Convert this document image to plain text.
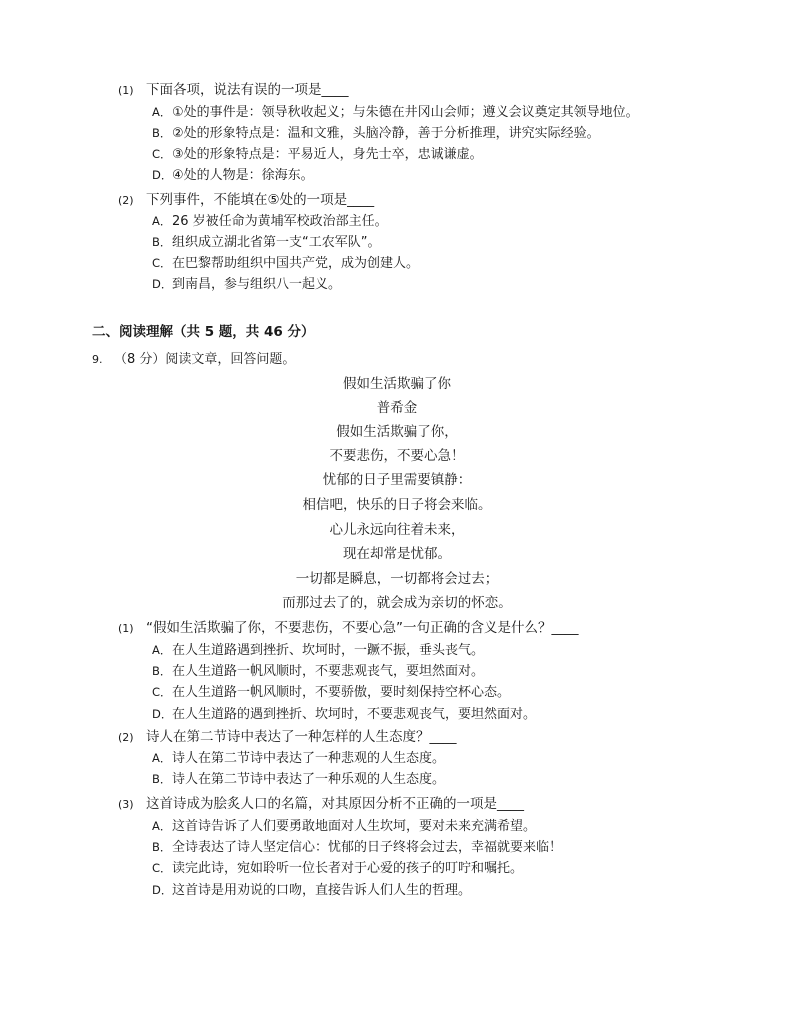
(1) 下面各项，说法有误的一项是____
A．①处的事件是：领导秋收起义；与朱德在井冈山会师；遵义会议奠定其领导地位。
B．②处的形象特点是：温和文雅，头脑冷静，善于分析推理，讲究实际经验。
C．③处的形象特点是：平易近人，身先士卒，忠诚谦虚。
D．④处的人物是：徐海东。
(2) 下列事件，不能填在⑤处的一项是____
A．26 岁被任命为黄埔军校政治部主任。
B．组织成立湖北省第一支“工农军队”。
C．在巴黎帮助组织中国共产党，成为创建人。
D．到南昌，参与组织八一起义。
二、阅读理解（共 5 题，共 46 分）
9. （8 分）阅读文章，回答问题。
假如生活欺骗了你
普希金
假如生活欺骗了你，
不要悲伤，不要心急！
忧郁的日子里需要镇静：
相信吧，快乐的日子将会来临。
心儿永远向往着未来，
现在却常是忧郁。
一切都是瞬息，一切都将会过去；
而那过去了的，就会成为亲切的怀恋。
(1) “假如生活欺骗了你，不要悲伤，不要心急”一句正确的含义是什么？____
A．在人生道路遇到挫折、坎坷时，一蹶不振，垂头丧气。
B．在人生道路一帆风顺时，不要悲观丧气，要坦然面对。
C．在人生道路一帆风顺时，不要骄傲，要时刻保持空杯心态。
D．在人生道路的遇到挫折、坎坷时，不要悲观丧气，要坦然面对。
(2) 诗人在第二节诗中表达了一种怎样的人生态度？____
A．诗人在第二节诗中表达了一种悲观的人生态度。
B．诗人在第二节诗中表达了一种乐观的人生态度。
(3) 这首诗成为脍炙人口的名篇，对其原因分析不正确的一项是____
A．这首诗告诉了人们要勇敢地面对人生坎坷，要对未来充满希望。
B．全诗表达了诗人坚定信心：忧郁的日子终将会过去，幸福就要来临！
C．读完此诗，宛如聆听一位长者对于心爱的孩子的叮咛和嘱托。
D．这首诗是用劝说的口吻，直接告诉人们人生的哲理。
